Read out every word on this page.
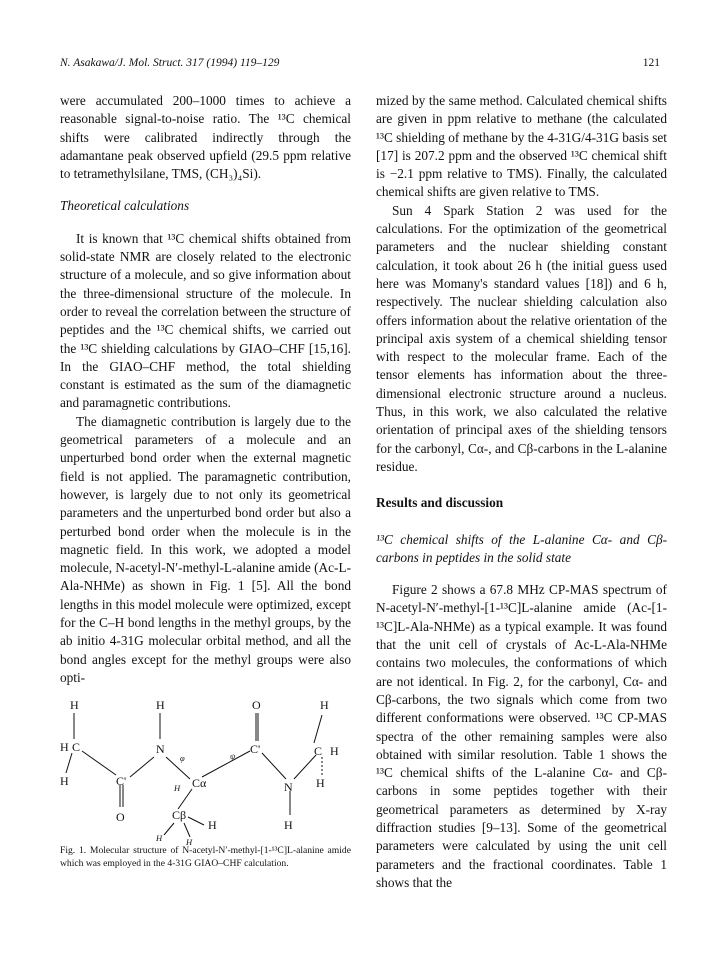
N. Asakawa/J. Mol. Struct. 317 (1994) 119–129	121

were accumulated 200–1000 times to achieve a reasonable signal-to-noise ratio. The ¹³C chemical shifts were calibrated indirectly through the adamantane peak observed upfield (29.5 ppm relative to tetramethylsilane, TMS, (CH₃)₄Si).

Theoretical calculations

It is known that ¹³C chemical shifts obtained from solid-state NMR are closely related to the electronic structure of a molecule, and so give information about the three-dimensional structure of the molecule. In order to reveal the correlation between the structure of peptides and the ¹³C chemical shifts, we carried out the ¹³C shielding calculations by GIAO–CHF [15,16]. In the GIAO–CHF method, the total shielding constant is estimated as the sum of the diamagnetic and paramagnetic contributions.

The diamagnetic contribution is largely due to the geometrical parameters of a molecule and an unperturbed bond order when the external magnetic field is not applied. The paramagnetic contribution, however, is largely due to not only its geometrical parameters and the unperturbed bond order but also a perturbed bond order when the molecule is in the magnetic field. In this work, we adopted a model molecule, N-acetyl-N′-methyl-L-alanine amide (Ac-L-Ala-NHMe) as shown in Fig. 1 [5]. All the bond lengths in this model molecule were optimized, except for the C–H bond lengths in the methyl groups, by the ab initio 4-31G molecular orbital method, and all the bond angles except for the methyl groups were also opti-

H	H	O	H
H C
H	C'
O
N
φ	ψ
H Cα
Cβ
H
H
H
C'
N
H
C H
H

Fig. 1. Molecular structure of N-acetyl-N′-methyl-[1-¹³C]L-alanine amide which was employed in the 4-31G GIAO–CHF calculation.

mized by the same method. Calculated chemical shifts are given in ppm relative to methane (the calculated ¹³C shielding of methane by the 4-31G/4-31G basis set [17] is 207.2 ppm and the observed ¹³C chemical shift is −2.1 ppm relative to TMS). Finally, the calculated chemical shifts are given relative to TMS.

Sun 4 Spark Station 2 was used for the calculations. For the optimization of the geometrical parameters and the nuclear shielding constant calculation, it took about 26 h (the initial guess used here was Momany's standard values [18]) and 6 h, respectively. The nuclear shielding calculation also offers information about the relative orientation of the principal axis system of a chemical shielding tensor with respect to the molecular frame. Each of the tensor elements has information about the three-dimensional electronic structure around a nucleus. Thus, in this work, we also calculated the relative orientation of principal axes of the shielding tensors for the carbonyl, Cα-, and Cβ-carbons in the L-alanine residue.

Results and discussion

¹³C chemical shifts of the L-alanine Cα- and Cβ-carbons in peptides in the solid state

Figure 2 shows a 67.8 MHz CP-MAS spectrum of N-acetyl-N′-methyl-[1-¹³C]L-alanine amide (Ac-[1-¹³C]L-Ala-NHMe) as a typical example. It was found that the unit cell of crystals of Ac-L-Ala-NHMe contains two molecules, the conformations of which are not identical. In Fig. 2, for the carbonyl, Cα- and Cβ-carbons, the two signals which come from two different conformations were observed. ¹³C CP-MAS spectra of the other remaining samples were also obtained with similar resolution. Table 1 shows the ¹³C chemical shifts of the L-alanine Cα- and Cβ-carbons in some peptides together with their geometrical parameters as determined by X-ray diffraction studies [9–13]. Some of the geometrical parameters were calculated by using the unit cell parameters and the fractional coordinates. Table 1 shows that the
